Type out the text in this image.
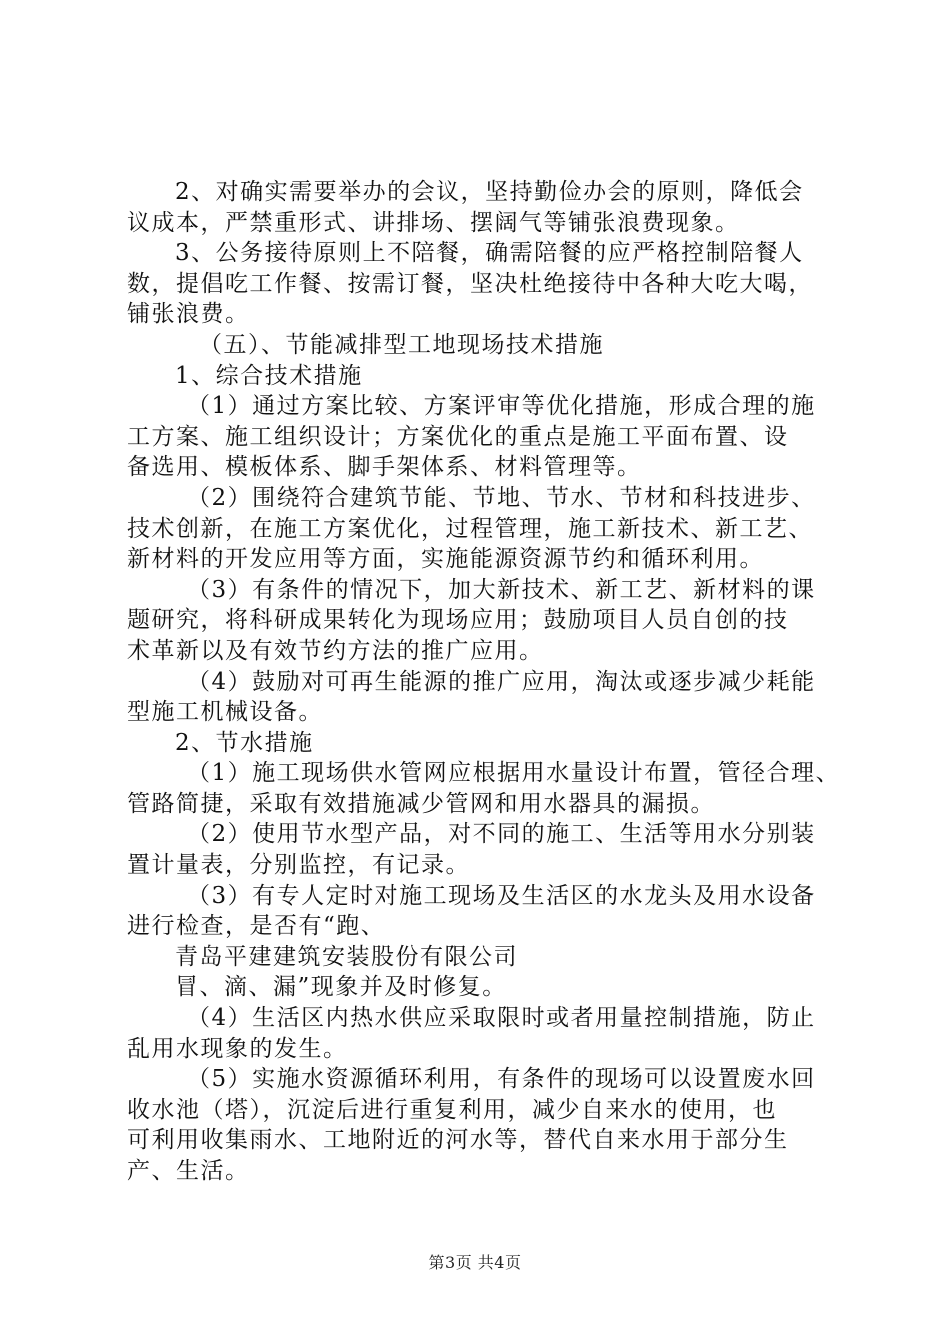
2、对确实需要举办的会议，坚持勤俭办会的原则，降低会
议成本，严禁重形式、讲排场、摆阔气等铺张浪费现象。
3、公务接待原则上不陪餐，确需陪餐的应严格控制陪餐人
数，提倡吃工作餐、按需订餐，坚决杜绝接待中各种大吃大喝，
铺张浪费。
（五）、节能减排型工地现场技术措施
1、综合技术措施
（1）通过方案比较、方案评审等优化措施，形成合理的施
工方案、施工组织设计；方案优化的重点是施工平面布置、设
备选用、模板体系、脚手架体系、材料管理等。
（2）围绕符合建筑节能、节地、节水、节材和科技进步、
技术创新，在施工方案优化，过程管理，施工新技术、新工艺、
新材料的开发应用等方面，实施能源资源节约和循环利用。
（3）有条件的情况下，加大新技术、新工艺、新材料的课
题研究，将科研成果转化为现场应用；鼓励项目人员自创的技
术革新以及有效节约方法的推广应用。
（4）鼓励对可再生能源的推广应用，淘汰或逐步减少耗能
型施工机械设备。
2、节水措施
（1）施工现场供水管网应根据用水量设计布置，管径合理、
管路简捷，采取有效措施减少管网和用水器具的漏损。
（2）使用节水型产品，对不同的施工、生活等用水分别装
置计量表，分别监控，有记录。
（3）有专人定时对施工现场及生活区的水龙头及用水设备
进行检查，是否有“跑、
青岛平建建筑安装股份有限公司
冒、滴、漏”现象并及时修复。
（4）生活区内热水供应采取限时或者用量控制措施，防止
乱用水现象的发生。
（5）实施水资源循环利用，有条件的现场可以设置废水回
收水池（塔），沉淀后进行重复利用，减少自来水的使用，也
可利用收集雨水、工地附近的河水等，替代自来水用于部分生
产、生活。
第3页 共4页
